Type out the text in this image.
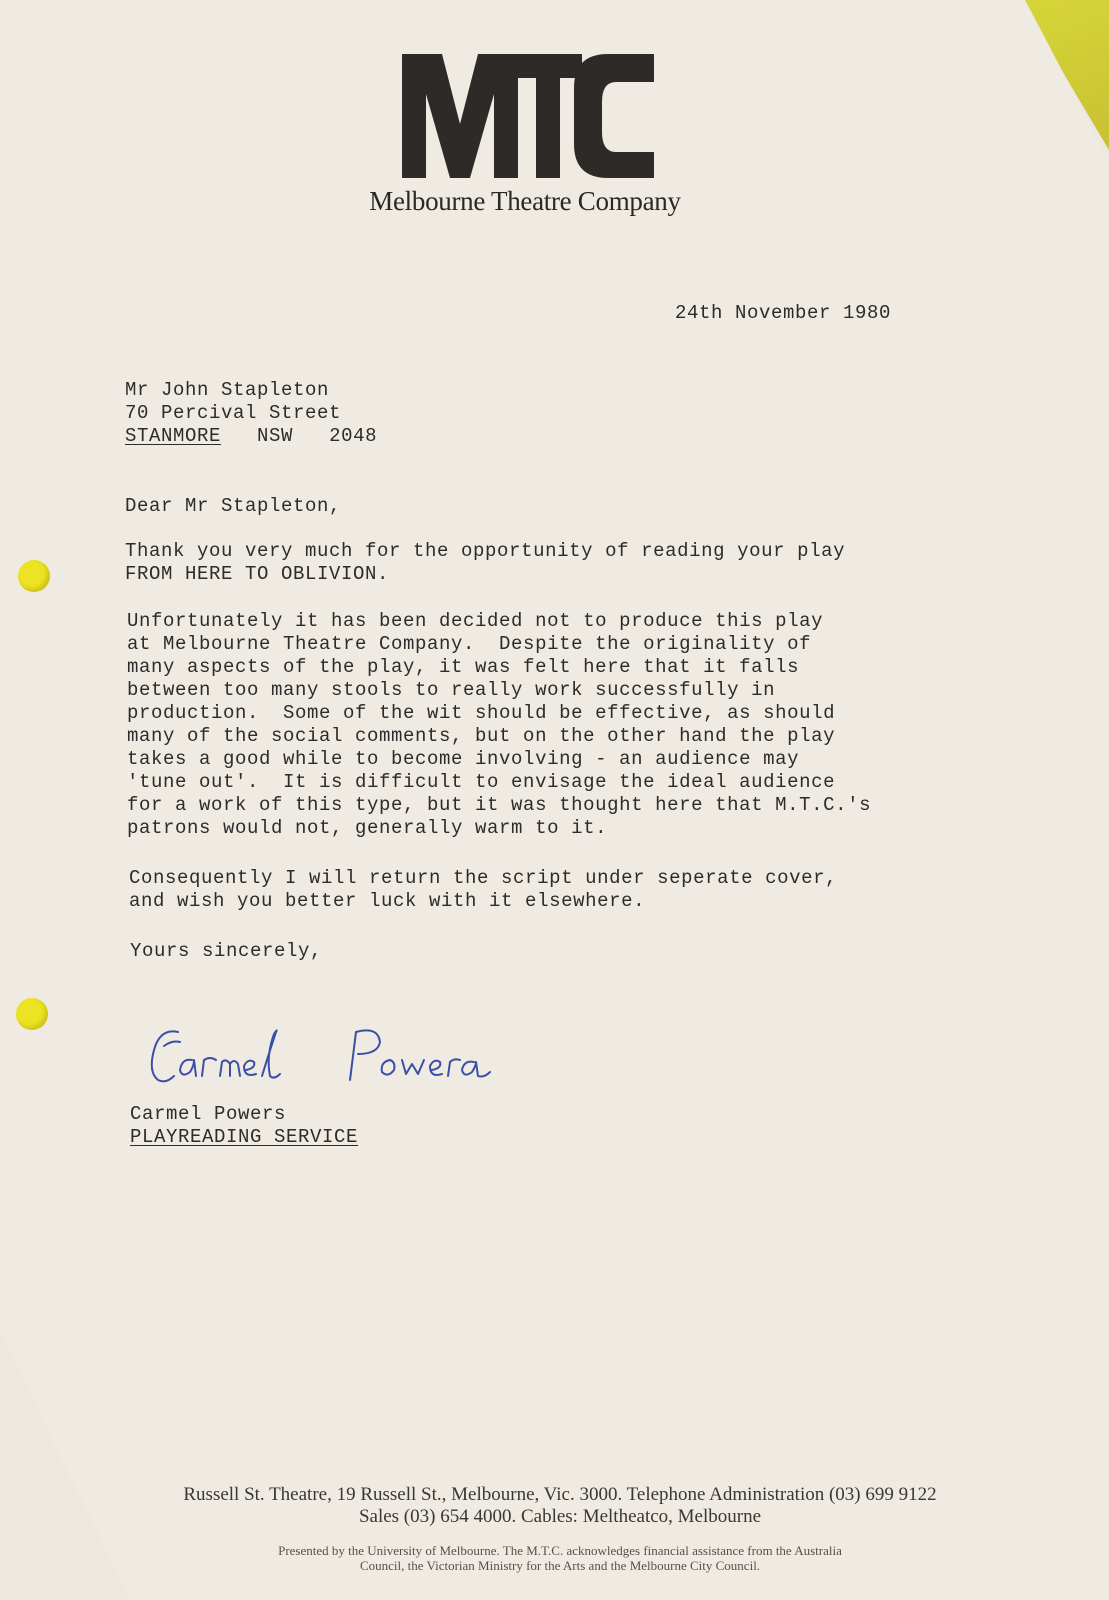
Melbourne Theatre Company
24th November 1980
Mr John Stapleton
70 Percival Street
STANMORE NSW 2048
Dear Mr Stapleton,
Thank you very much for the opportunity of reading your play
FROM HERE TO OBLIVION.
Unfortunately it has been decided not to produce this play
at Melbourne Theatre Company.  Despite the originality of
many aspects of the play, it was felt here that it falls
between too many stools to really work successfully in
production.  Some of the wit should be effective, as should
many of the social comments, but on the other hand the play
takes a good while to become involving - an audience may
'tune out'.  It is difficult to envisage the ideal audience
for a work of this type, but it was thought here that M.T.C.'s
patrons would not, generally warm to it.
Consequently I will return the script under seperate cover,
and wish you better luck with it elsewhere.
Yours sincerely,
Carmel Powers
PLAYREADING SERVICE
Russell St. Theatre, 19 Russell St., Melbourne, Vic. 3000. Telephone Administration (03) 699 9122
Sales (03) 654 4000. Cables: Meltheatco, Melbourne
Presented by the University of Melbourne. The M.T.C. acknowledges financial assistance from the Australia
Council, the Victorian Ministry for the Arts and the Melbourne City Council.
